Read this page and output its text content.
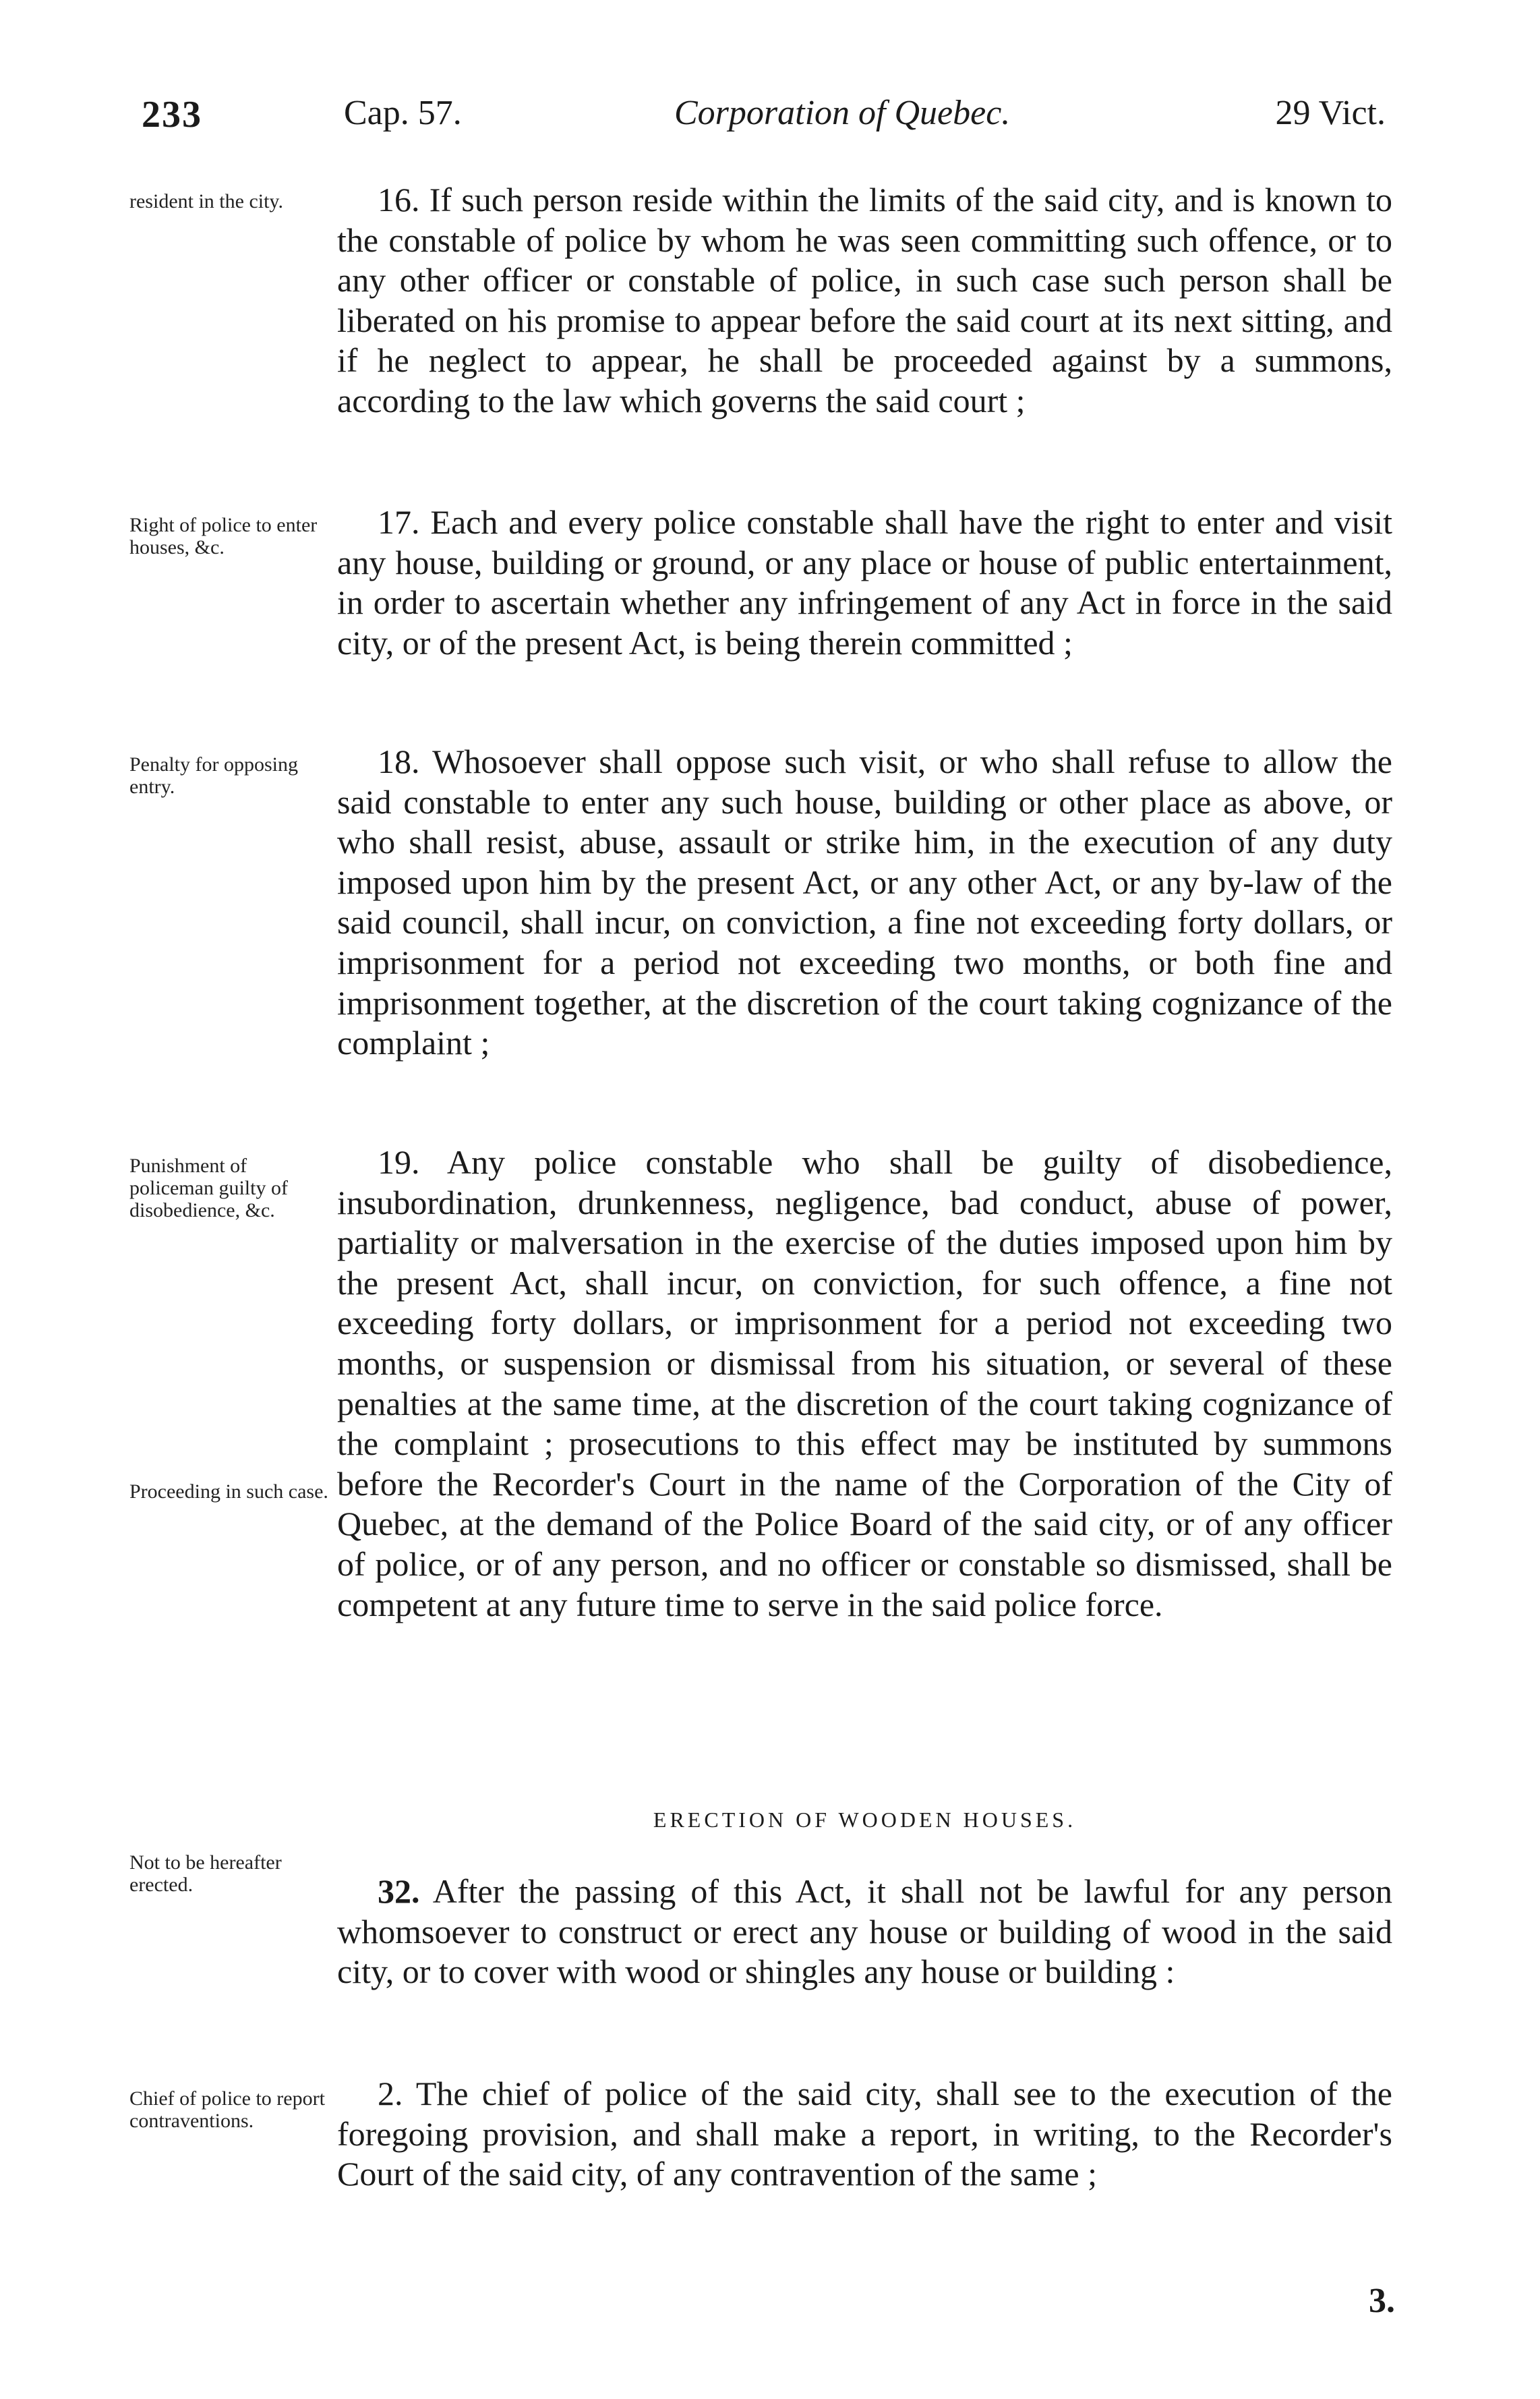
233	Cap. 57.	Corporation of Quebec.	29 Vict.
resident in the city.	16. If such person reside within the limits of the said city, and is known to the constable of police by whom he was seen committing such offence, or to any other officer or constable of police, in such case such person shall be liberated on his promise to appear before the said court at its next sitting, and if he neglect to appear, he shall be proceeded against by a summons, according to the law which governs the said court ;

Right of police to enter houses, &c.

17. Each and every police constable shall have the right to enter and visit any house, building or ground, or any place or house of public entertainment, in order to ascertain whether any infringement of any Act in force in the said city, or of the present Act, is being therein committed ;

Penalty for opposing entry.

18. Whosoever shall oppose such visit, or who shall refuse to allow the said constable to enter any such house, building or other place as above, or who shall resist, abuse, assault or strike him, in the execution of any duty imposed upon him by the present Act, or any other Act, or any by-law of the said council, shall incur, on conviction, a fine not exceeding forty dollars, or imprisonment for a period not exceeding two months, or both fine and imprisonment together, at the discretion of the court taking cognizance of the complaint ;

Punishment of policeman guilty of disobedience, &c.
Proceeding in such case.

19. Any police constable who shall be guilty of disobedience, insubordination, drunkenness, negligence, bad conduct, abuse of power, partiality or malversation in the exercise of the duties imposed upon him by the present Act, shall incur, on conviction, for such offence, a fine not exceeding forty dollars, or imprisonment for a period not exceeding two months, or suspension or dismissal from his situation, or several of these penalties at the same time, at the discretion of the court taking cognizance of the complaint ; prosecutions to this effect may be instituted by summons before the Recorder's Court in the name of the Corporation of the City of Quebec, at the demand of the Police Board of the said city, or of any officer of police, or of any person, and no officer or constable so dismissed, shall be competent at any future time to serve in the said police force.

ERECTION OF WOODEN HOUSES.

Not to be hereafter erected.	32. After the passing of this Act, it shall not be lawful for any person whomsoever to construct or erect any house or building of wood in the said city, or to cover with wood or shingles any house or building :

Chief of police to report contraventions.

2. The chief of police of the said city, shall see to the execution of the foregoing provision, and shall make a report, in writing, to the Recorder's Court of the said city, of any contravention of the same ;

3.
